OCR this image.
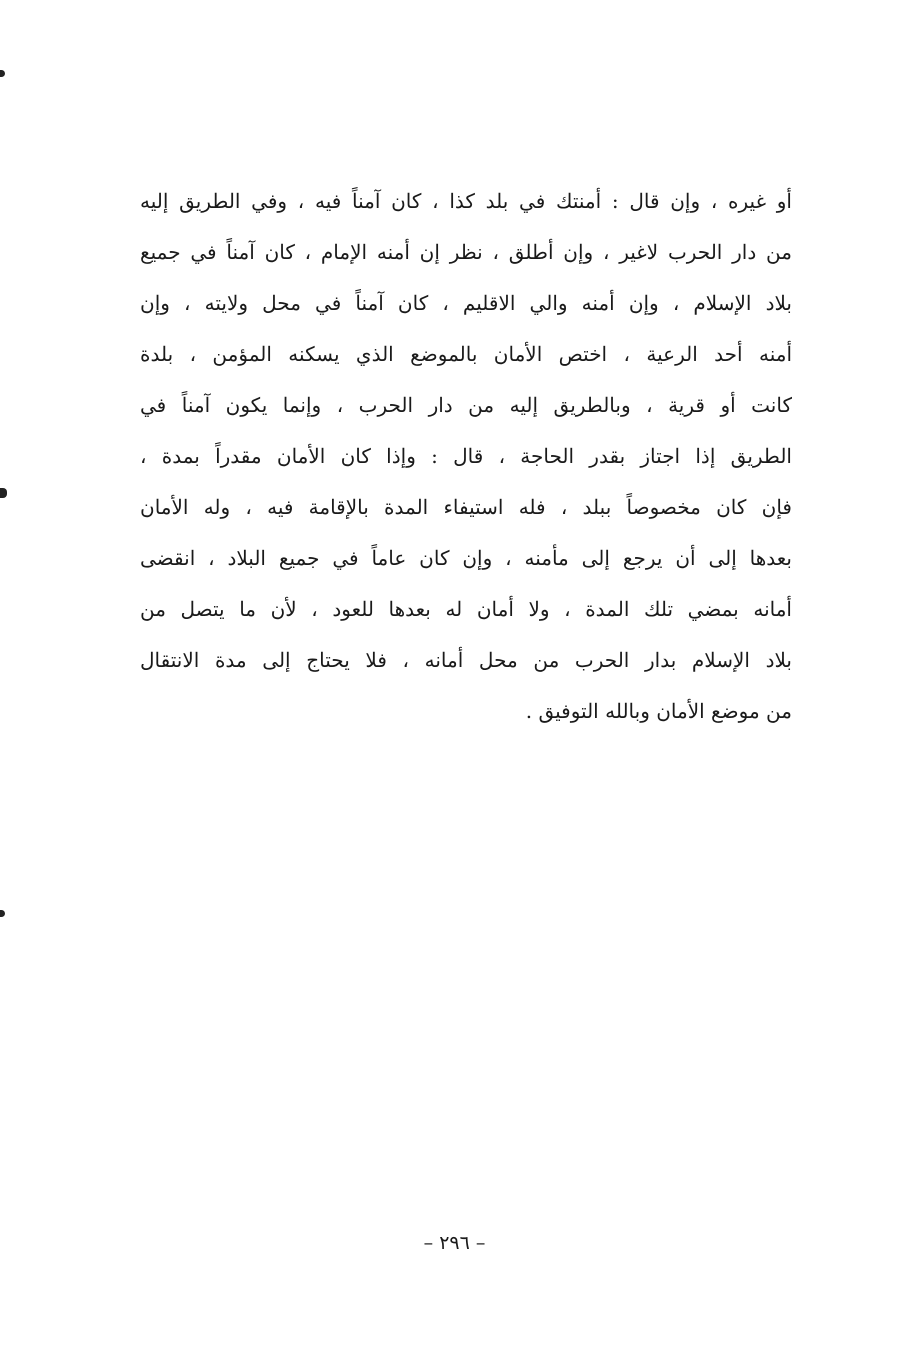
أو غيره ، وإن قال : أمنتك في بلد كذا ، كان آمناً فيه ، وفي الطريق إليه
من دار الحرب لاغير ، وإن أطلق ، نظر إن أمنه الإمام ، كان آمناً في جميع
بلاد الإسلام ، وإن أمنه والي الاقليم ، كان آمناً في محل ولايته ، وإن
أمنه أحد الرعية ، اختص الأمان بالموضع الذي يسكنه المؤمن ، بلدة
كانت أو قرية ، وبالطريق إليه من دار الحرب ، وإنما يكون آمناً في
الطريق إذا اجتاز بقدر الحاجة ، قال : وإذا كان الأمان مقدراً بمدة ،
فإن كان مخصوصاً ببلد ، فله استيفاء المدة بالإقامة فيه ، وله الأمان
بعدها إلى أن يرجع إلى مأمنه ، وإن كان عاماً في جميع البلاد ، انقضى
أمانه بمضي تلك المدة ، ولا أمان له بعدها للعود ، لأن ما يتصل من
بلاد الإسلام بدار الحرب من محل أمانه ، فلا يحتاج إلى مدة الانتقال
من موضع الأمان وبالله التوفيق .
– ٢٩٦ –
